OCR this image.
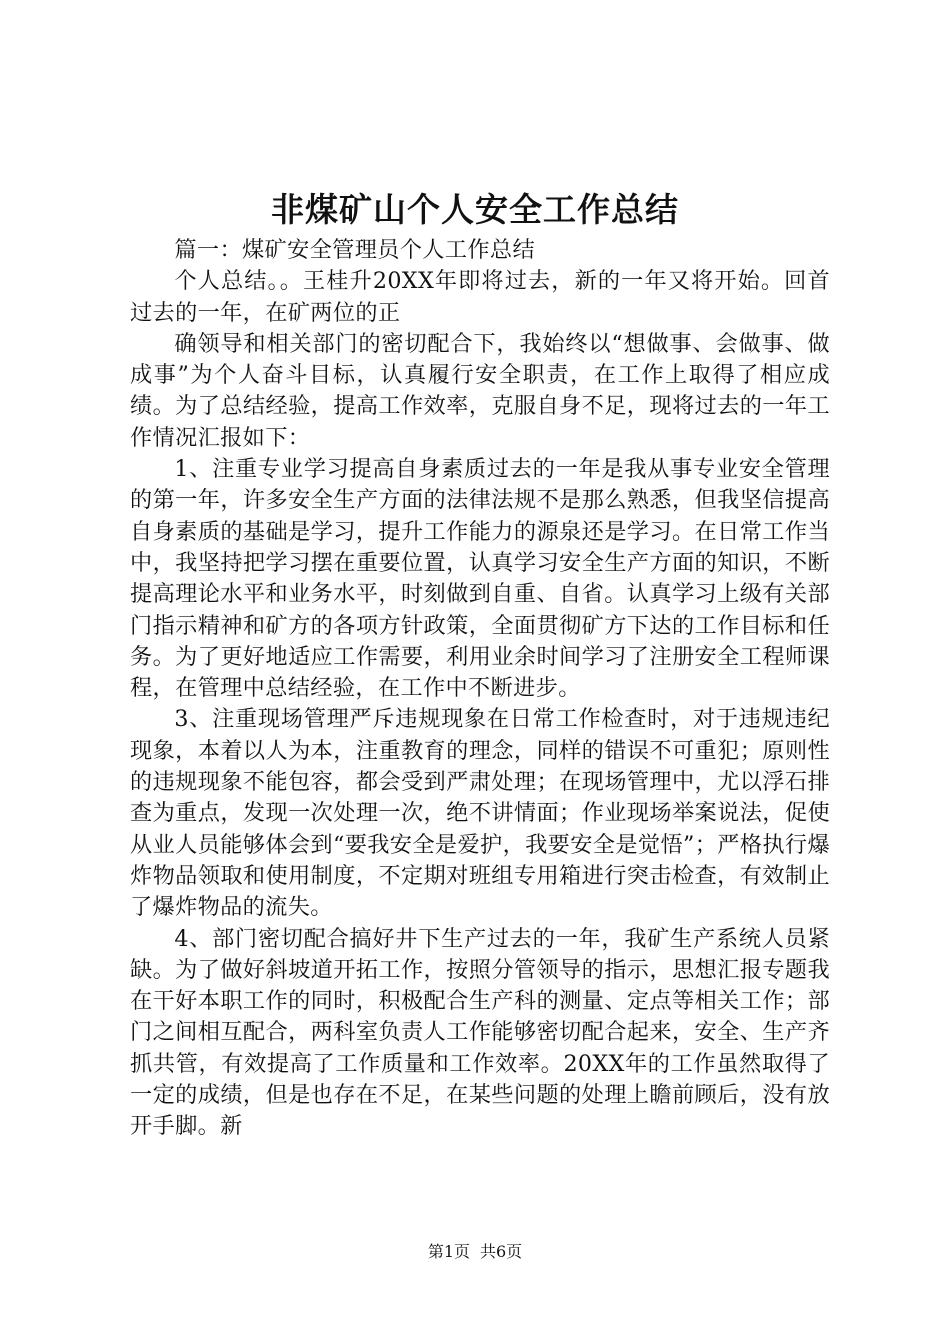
非煤矿山个人安全工作总结

篇一：煤矿安全管理员个人工作总结

个人总结。。王桂升20XX年即将过去，新的一年又将开始。回首过去的一年，在矿两位的正

确领导和相关部门的密切配合下，我始终以“想做事、会做事、做成事”为个人奋斗目标，认真履行安全职责，在工作上取得了相应成绩。为了总结经验，提高工作效率，克服自身不足，现将过去的一年工作情况汇报如下：

1、注重专业学习提高自身素质过去的一年是我从事专业安全管理的第一年，许多安全生产方面的法律法规不是那么熟悉，但我坚信提高自身素质的基础是学习，提升工作能力的源泉还是学习。在日常工作当中，我坚持把学习摆在重要位置，认真学习安全生产方面的知识，不断提高理论水平和业务水平，时刻做到自重、自省。认真学习上级有关部门指示精神和矿方的各项方针政策，全面贯彻矿方下达的工作目标和任务。为了更好地适应工作需要，利用业余时间学习了注册安全工程师课程，在管理中总结经验，在工作中不断进步。

3、注重现场管理严斥违规现象在日常工作检查时，对于违规违纪现象，本着以人为本，注重教育的理念，同样的错误不可重犯；原则性的违规现象不能包容，都会受到严肃处理；在现场管理中，尤以浮石排查为重点，发现一次处理一次，绝不讲情面；作业现场举案说法，促使从业人员能够体会到“要我安全是爱护，我要安全是觉悟”；严格执行爆炸物品领取和使用制度，不定期对班组专用箱进行突击检查，有效制止了爆炸物品的流失。

4、部门密切配合搞好井下生产过去的一年，我矿生产系统人员紧缺。为了做好斜坡道开拓工作，按照分管领导的指示，思想汇报专题我在干好本职工作的同时，积极配合生产科的测量、定点等相关工作；部门之间相互配合，两科室负责人工作能够密切配合起来，安全、生产齐抓共管，有效提高了工作质量和工作效率。20XX年的工作虽然取得了一定的成绩，但是也存在不足，在某些问题的处理上瞻前顾后，没有放开手脚。新

第1页 共6页
